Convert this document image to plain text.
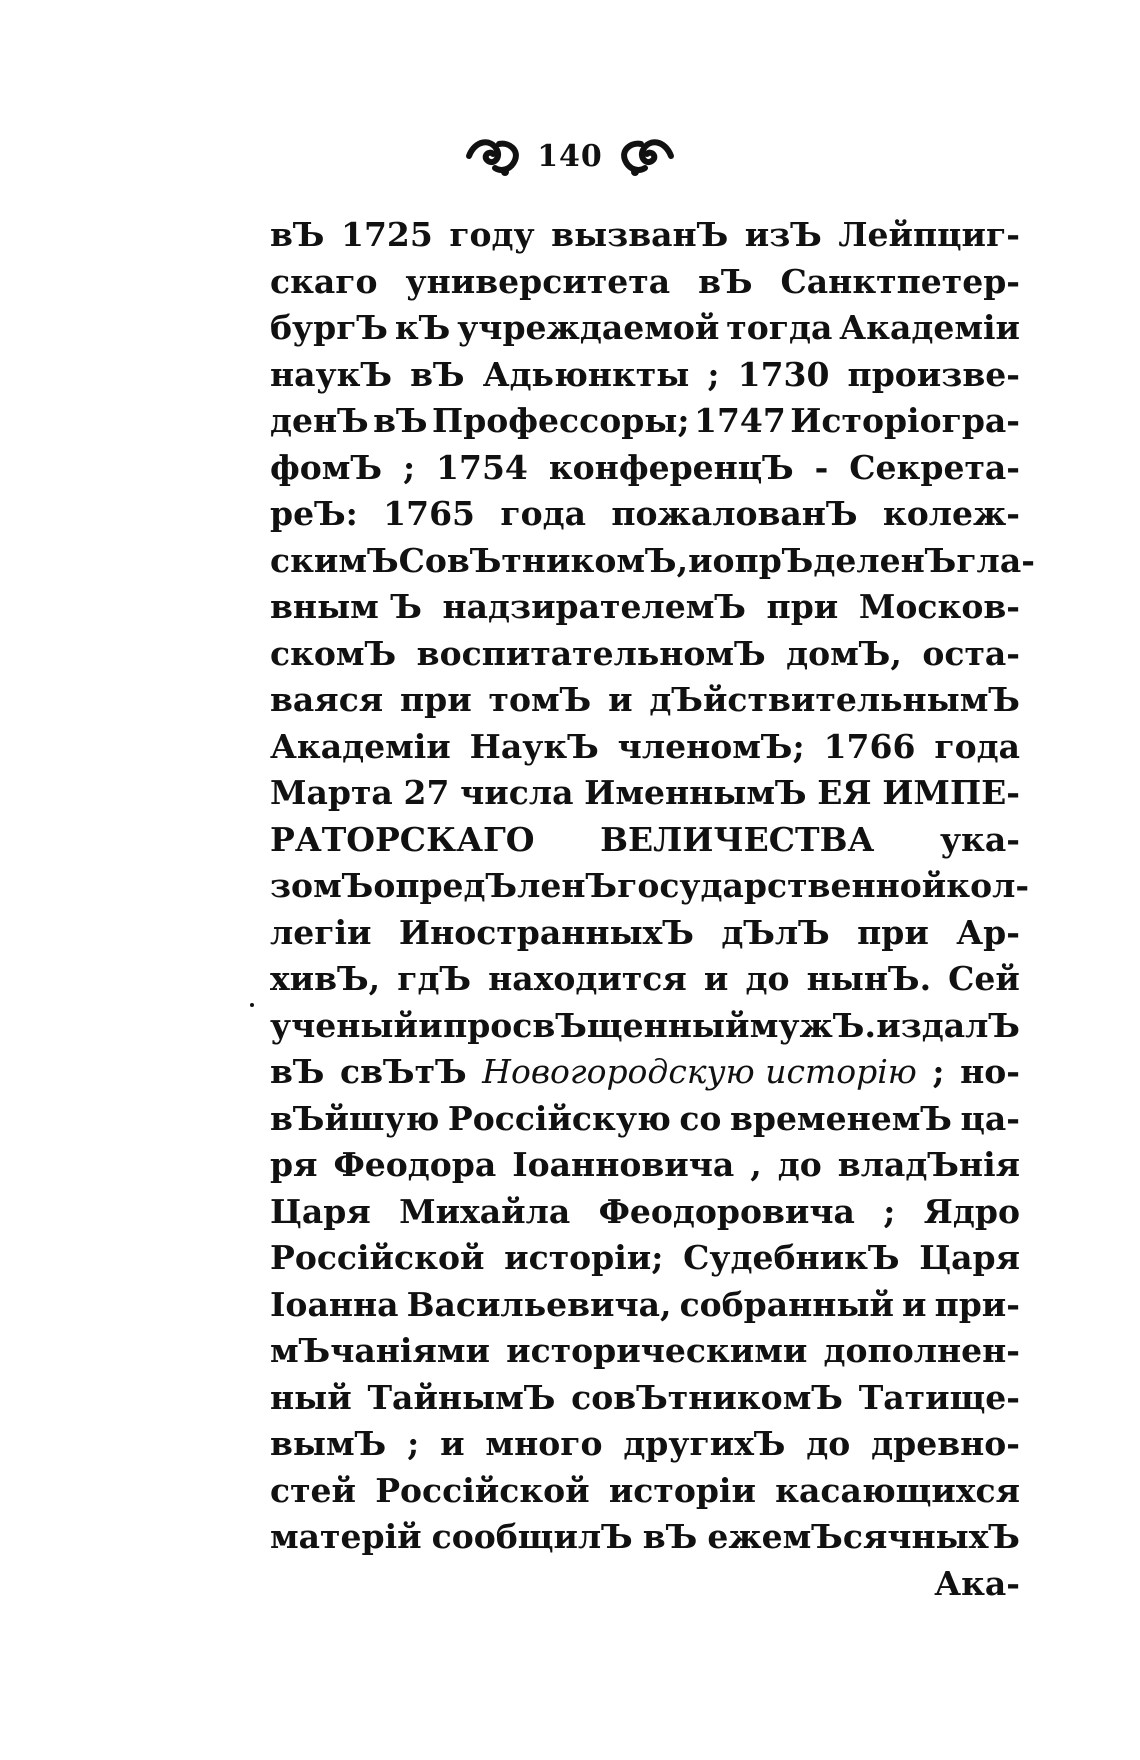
140
вЪ 1725 году вызванЪ изЪ Лейпциг-
скаго университета вЪ Санктпетер-
бургЪ кЪ учреждаемой тогда Академіи
наукЪ вЪ Адьюнкты ; 1730 произве-
денЪ вЪ Профессоры; 1747 Исторіогра-
фомЪ ; 1754 конференцЪ - Секрета-
реЪ: 1765 года пожалованЪ колеж-
скимЪ СовЪтникомЪ, и опрЪделенЪ гла-
вным Ъ надзирателемЪ при Москов-
скомЪ воспитательномЪ домЪ, оста-
ваяся при томЪ и дЪйствительнымЪ
Академіи НаукЪ членомЪ; 1766 года
Марта 27 числа ИменнымЪ ЕЯ ИМПЕ-
РАТОРСКАГО ВЕЛИЧЕСТВА ука-
зомЪ опредЪленЪ государственной кол-
легіи ИностранныхЪ дЪлЪ при Ар-
хивЪ, гдЪ находится и до нынЪ. Сей
ученый и просвЪщенный мужЪ. издалЪ
вЪ свЪтЪ Новогородскую исторію ; но-
вЪйшую Россійскую со временемЪ ца-
ря Феодора Іоанновича , до владЪнія
Царя Михайла Феодоровича ; Ядро
Россійской исторіи; СудебникЪ Царя
Іоанна Васильевича, собранный и при-
мЪчаніями историческими дополнен-
ный ТайнымЪ совЪтникомЪ Татище-
вымЪ ; и много другихЪ до древно-
стей Россійской исторіи касающихся
матерій сообщилЪ вЪ ежемЪсячныхЪ
Ака-
